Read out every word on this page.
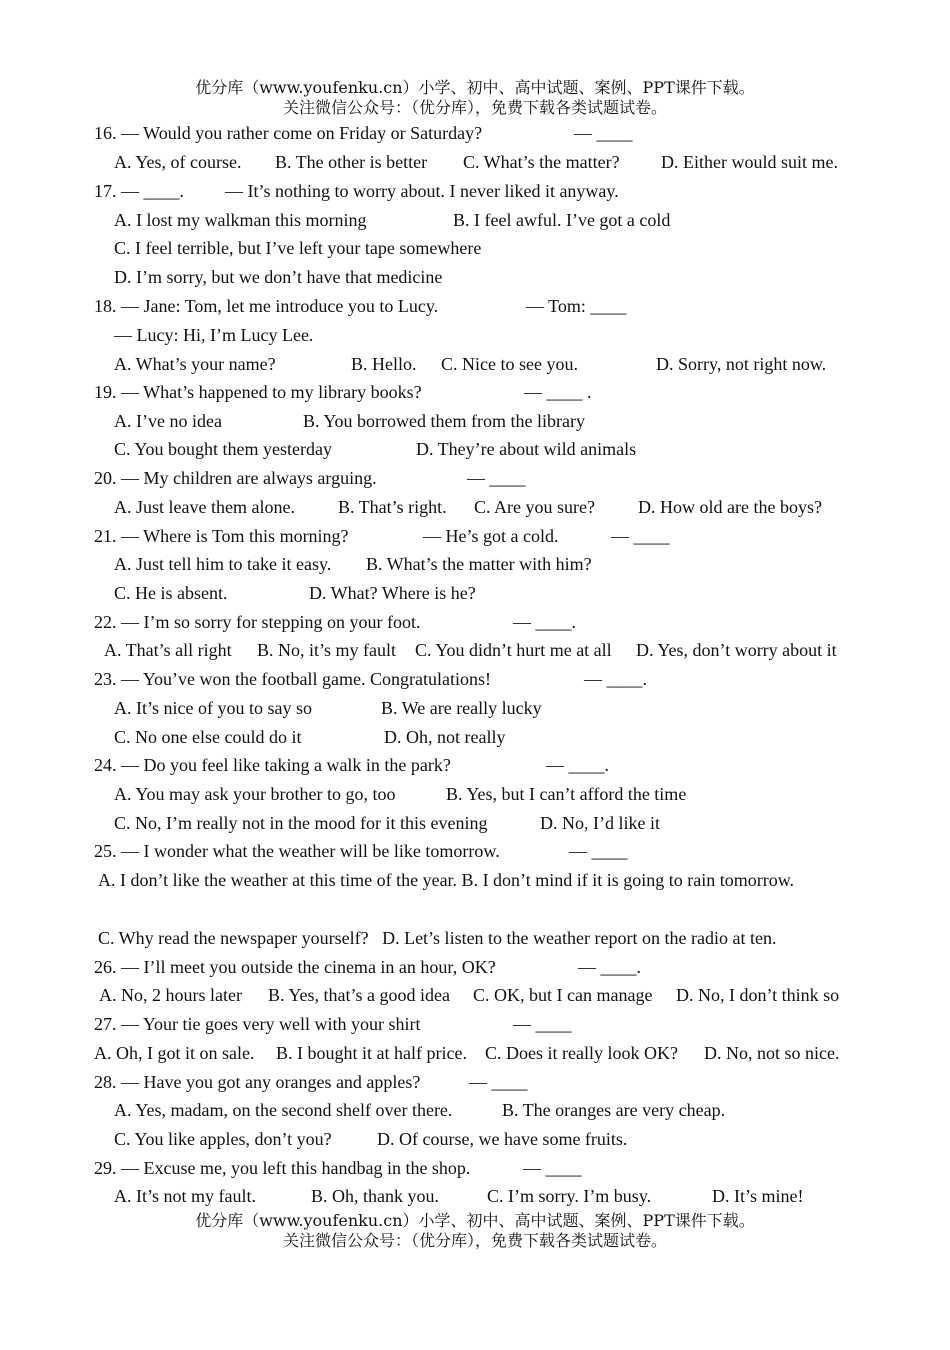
优分库（www.youfenku.cn）小学、初中、高中试题、案例、PPT课件下载。
关注微信公众号：（优分库），免费下载各类试题试卷。

16. — Would you rather come on Friday or Saturday?

	— ____

A. Yes, of course.

B. The other is better

C. What’s the matter?

D. Either would suit me.

17. — ____.

— It’s nothing to worry about. I never liked it anyway.

A. I lost my walkman this morning

	B. I feel awful. I’ve got a cold

C. I feel terrible, but I’ve left your tape somewhere

D. I’m sorry, but we don’t have that medicine

18. — Jane: Tom, let me introduce you to Lucy.

	— Tom: ____

— Lucy: Hi, I’m Lucy Lee.

A. What’s your name?

	B. Hello.

C. Nice to see you.

	D. Sorry, not right now.

19. — What’s happened to my library books?

	— ____ .

A. I’ve no idea

	B. You borrowed them from the library

C. You bought them yesterday

	D. They’re about wild animals

20. — My children are always arguing.

	— ____

A. Just leave them alone.

B. That’s right.

C. Are you sure?

D. How old are the boys?

21. — Where is Tom this morning?

	— He’s got a cold.

	— ____

A. Just tell him to take it easy.

B. What’s the matter with him?

C. He is absent.

	D. What? Where is he?

22. — I’m so sorry for stepping on your foot.

	— ____.

A. That’s all right

B. No, it’s my fault

C. You didn’t hurt me at all

D. Yes, don’t worry about it

23. — You’ve won the football game. Congratulations!

	— ____.

A. It’s nice of you to say so

	B. We are really lucky

C. No one else could do it

	D. Oh, not really

24. — Do you feel like taking a walk in the park?

	— ____.

A. You may ask your brother to go, too

	B. Yes, but I can’t afford the time

C. No, I’m really not in the mood for it this evening

	D. No, I’d like it

25. — I wonder what the weather will be like tomorrow.

	— ____

A. I don’t like the weather at this time of the year. B. I don’t mind if it is going to rain tomorrow.

C. Why read the newspaper yourself?   D. Let’s listen to the weather report on the radio at ten.

26. — I’ll meet you outside the cinema in an hour, OK?

	— ____.

A. No, 2 hours later

B. Yes, that’s a good idea

C. OK, but I can manage

D. No, I don’t think so

27. — Your tie goes very well with your shirt

	— ____

A. Oh, I got it on sale.

B. I bought it at half price.

C. Does it really look OK?

D. No, not so nice.

28. — Have you got any oranges and apples?

	— ____

A. Yes, madam, on the second shelf over there.

	B. The oranges are very cheap.

C. You like apples, don’t you?

	D. Of course, we have some fruits.

29. — Excuse me, you left this handbag in the shop.

	— ____

A. It’s not my fault.

	B. Oh, thank you.

	C. I’m sorry. I’m busy.

	D. It’s mine!

优分库（www.youfenku.cn）小学、初中、高中试题、案例、PPT课件下载。
关注微信公众号：（优分库），免费下载各类试题试卷。
